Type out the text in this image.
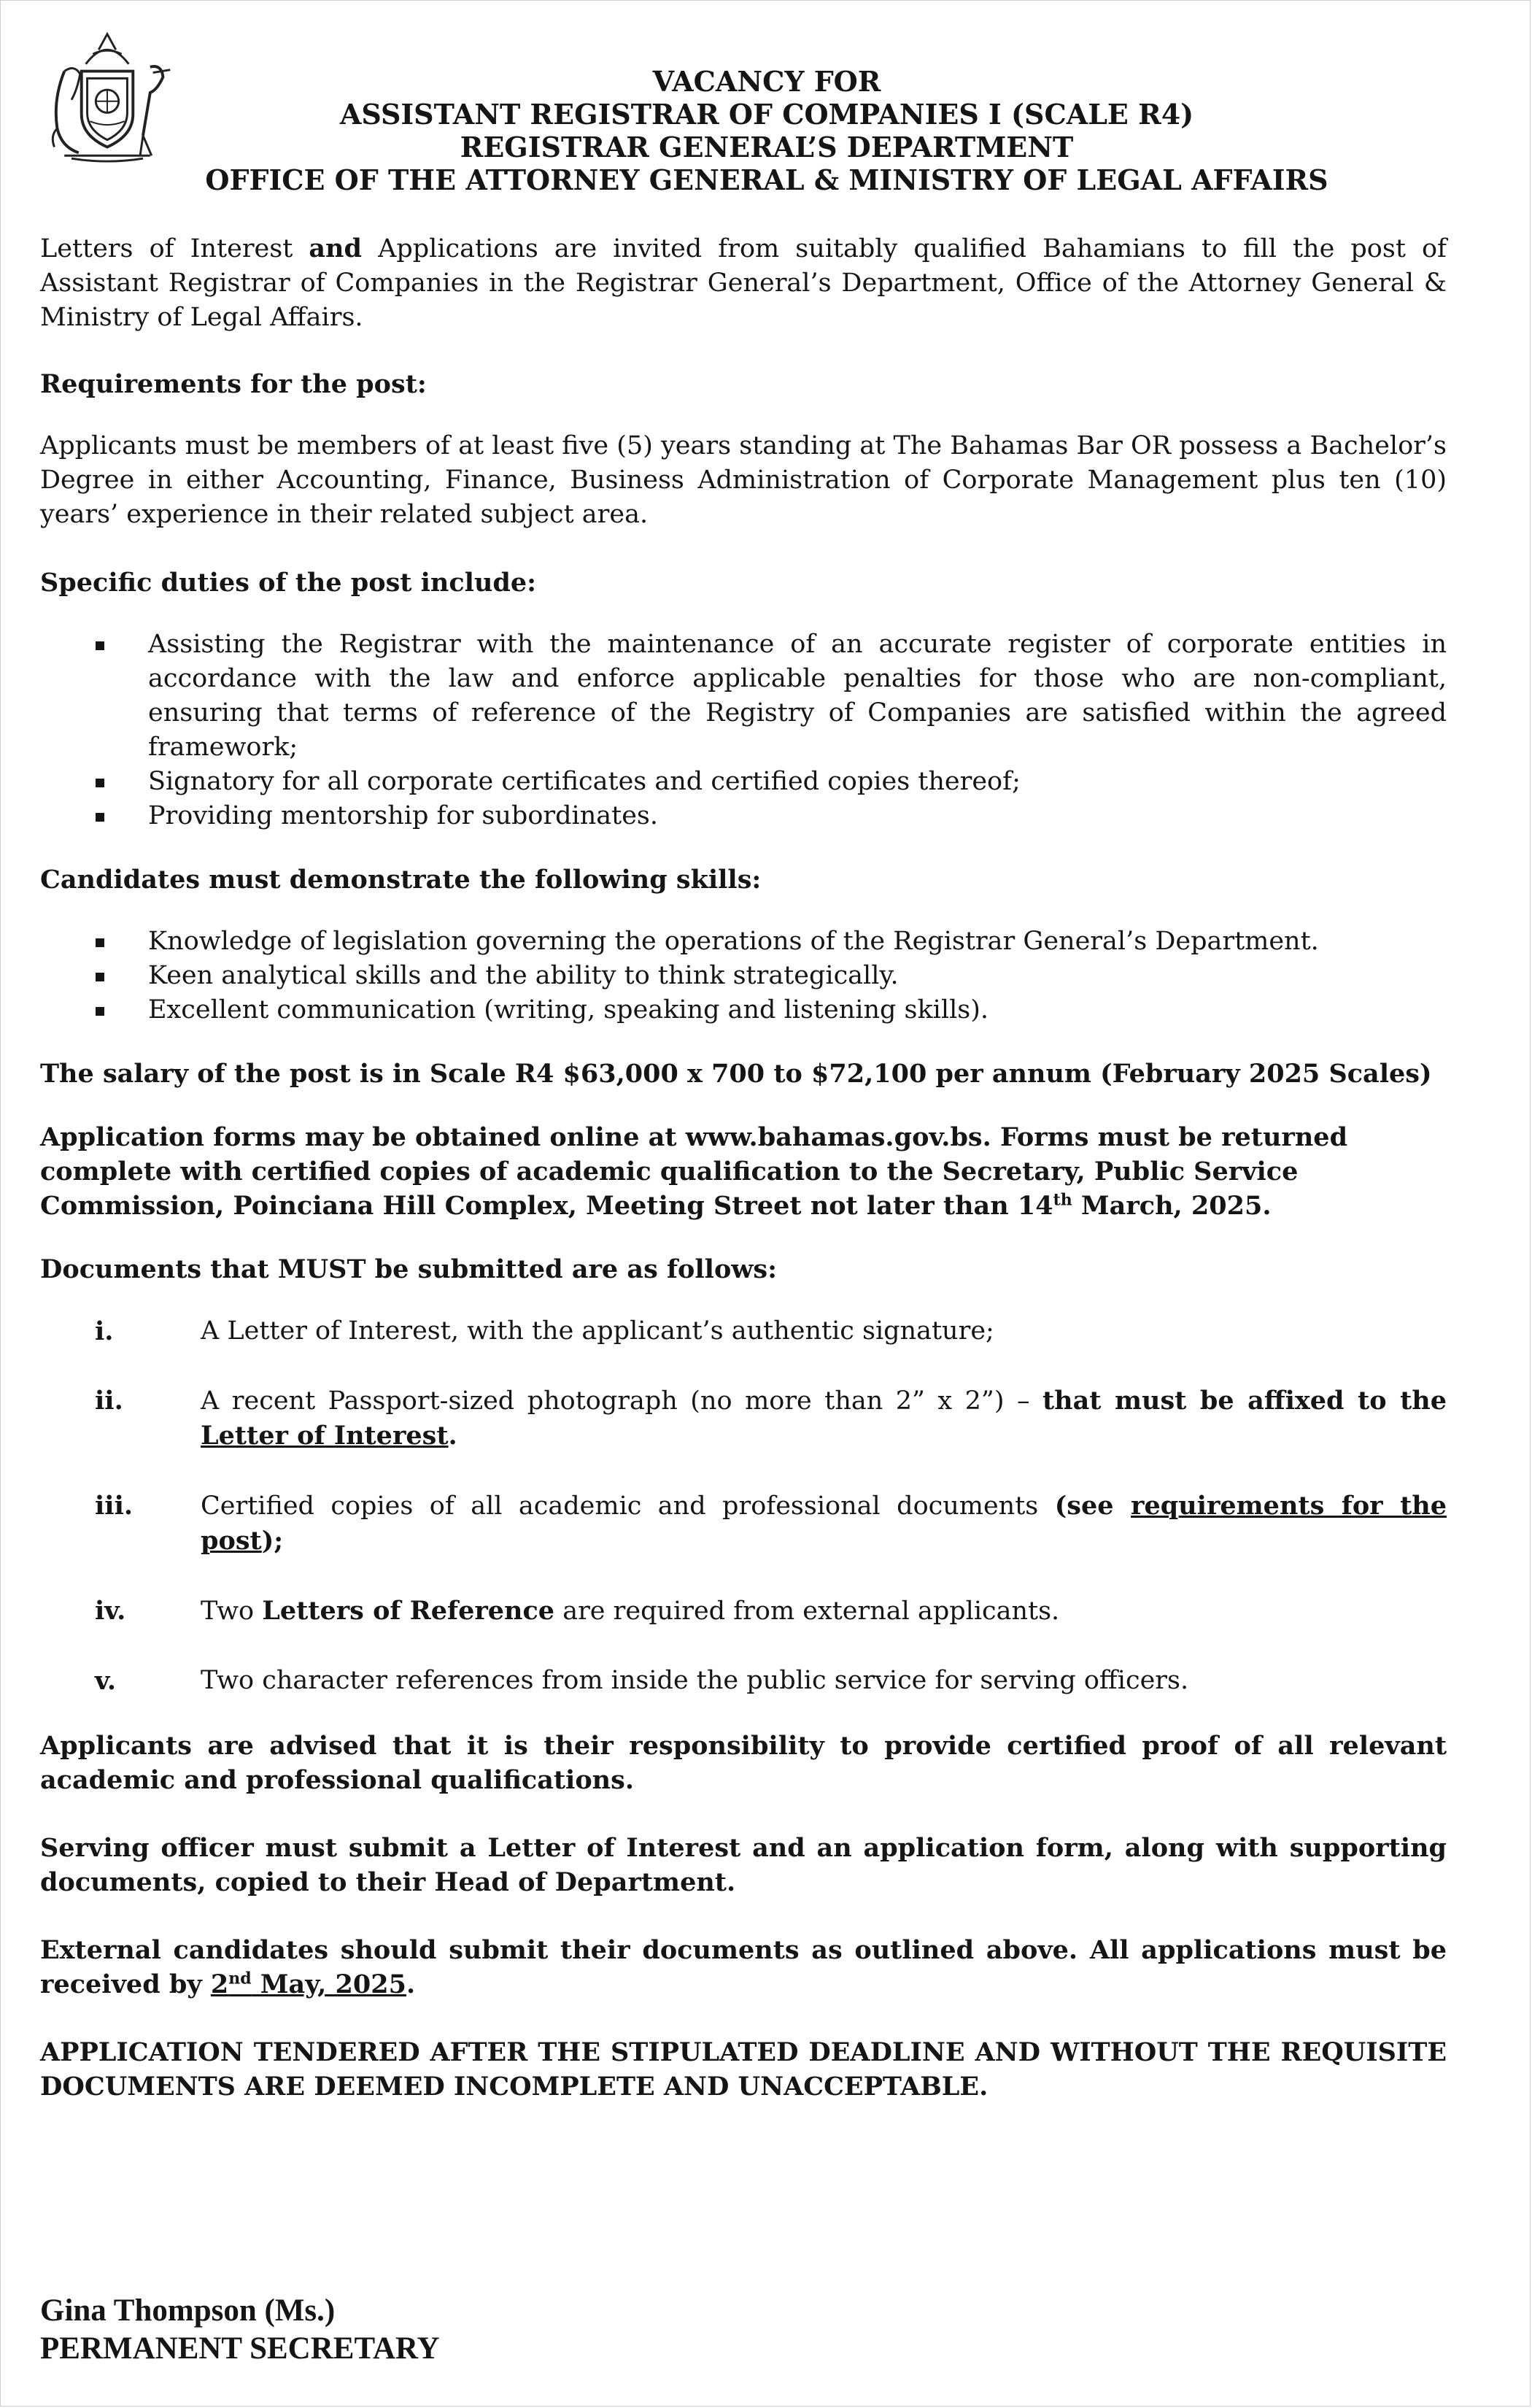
VACANCY FOR
ASSISTANT REGISTRAR OF COMPANIES I (SCALE R4)
REGISTRAR GENERAL’S DEPARTMENT
OFFICE OF THE ATTORNEY GENERAL & MINISTRY OF LEGAL AFFAIRS

Letters of Interest and Applications are invited from suitably qualified Bahamians to fill the post of Assistant Registrar of Companies in the Registrar General’s Department, Office of the Attorney General & Ministry of Legal Affairs.

Requirements for the post:

Applicants must be members of at least five (5) years standing at The Bahamas Bar OR possess a Bachelor’s Degree in either Accounting, Finance, Business Administration of Corporate Management plus ten (10) years’ experience in their related subject area.

Specific duties of the post include:

Assisting the Registrar with the maintenance of an accurate register of corporate entities in accordance with the law and enforce applicable penalties for those who are non-compliant, ensuring that terms of reference of the Registry of Companies are satisfied within the agreed framework;
Signatory for all corporate certificates and certified copies thereof;
Providing mentorship for subordinates.

Candidates must demonstrate the following skills:

Knowledge of legislation governing the operations of the Registrar General’s Department.
Keen analytical skills and the ability to think strategically.
Excellent communication (writing, speaking and listening skills).

The salary of the post is in Scale R4 $63,000 x 700 to $72,100 per annum (February 2025 Scales)

Application forms may be obtained online at www.bahamas.gov.bs. Forms must be returned complete with certified copies of academic qualification to the Secretary, Public Service Commission, Poinciana Hill Complex, Meeting Street not later than 14th March, 2025.

Documents that MUST be submitted are as follows:

i.	A Letter of Interest, with the applicant’s authentic signature;
ii.	A recent Passport-sized photograph (no more than 2” x 2”) – that must be affixed to the Letter of Interest.
iii.	Certified copies of all academic and professional documents (see requirements for the post);
iv.	Two Letters of Reference are required from external applicants.
v.	Two character references from inside the public service for serving officers.

Applicants are advised that it is their responsibility to provide certified proof of all relevant academic and professional qualifications.

Serving officer must submit a Letter of Interest and an application form, along with supporting documents, copied to their Head of Department.

External candidates should submit their documents as outlined above. All applications must be received by 2nd May, 2025.

APPLICATION TENDERED AFTER THE STIPULATED DEADLINE AND WITHOUT THE REQUISITE DOCUMENTS ARE DEEMED INCOMPLETE AND UNACCEPTABLE.

Gina Thompson (Ms.)
PERMANENT SECRETARY
